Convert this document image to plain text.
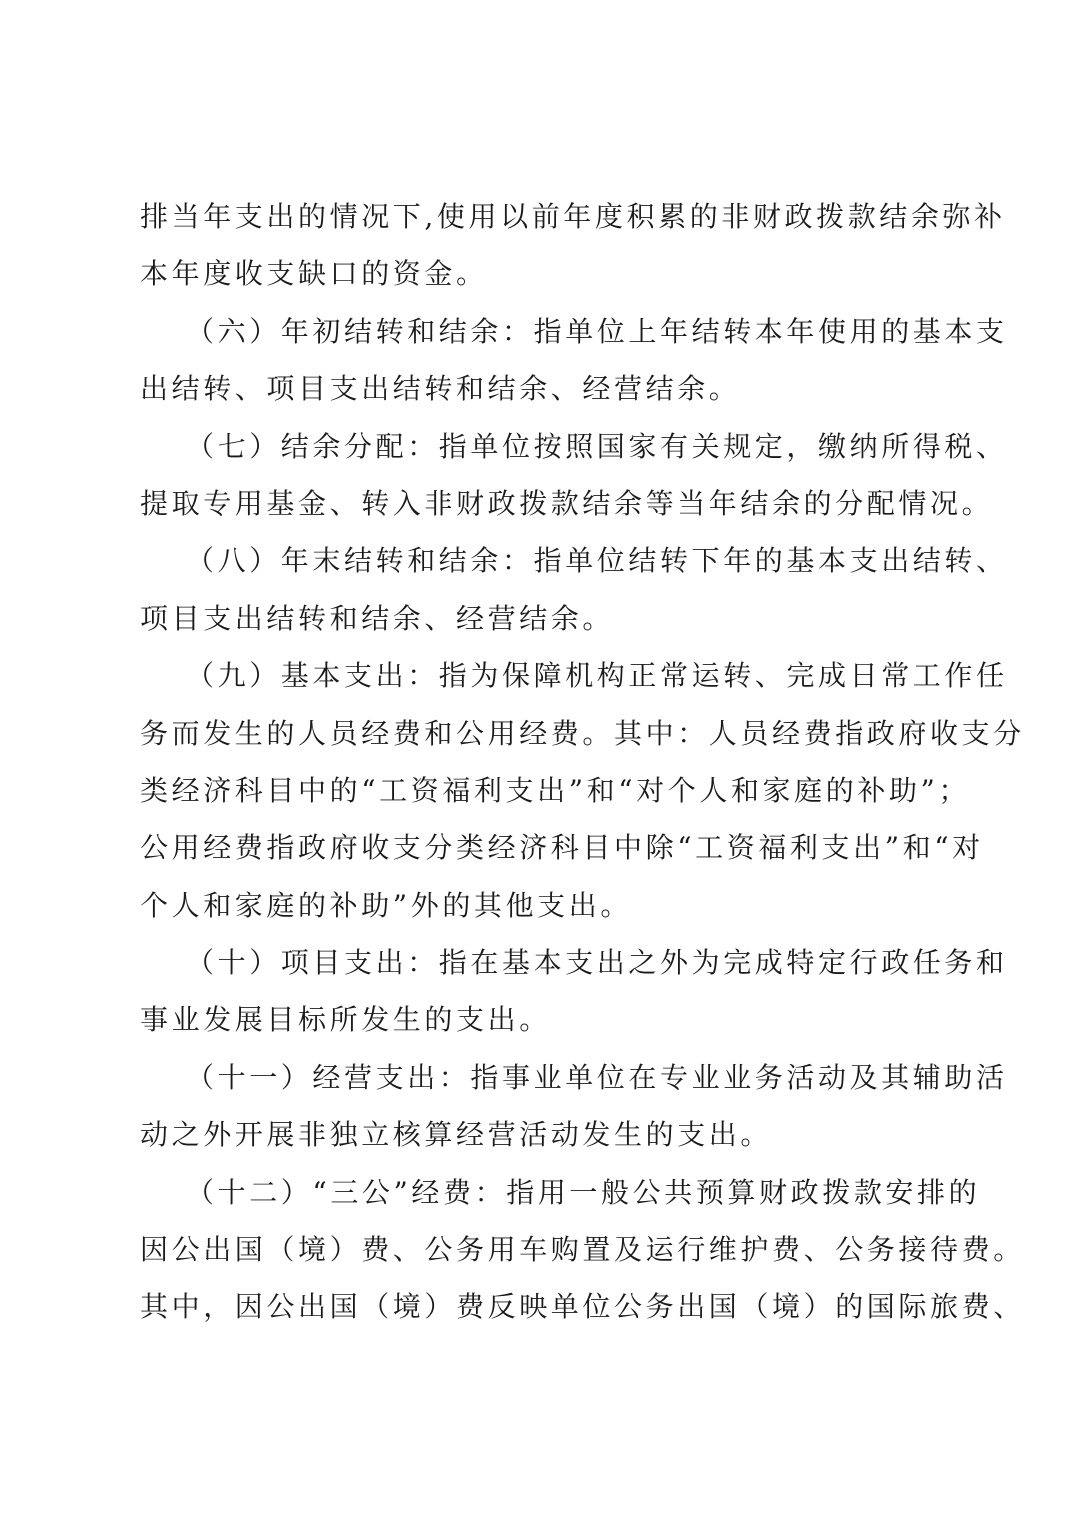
排当年支出的情况下,使用以前年度积累的非财政拨款结余弥补
本年度收支缺口的资金。
（六）年初结转和结余：指单位上年结转本年使用的基本支
出结转、项目支出结转和结余、经营结余。
（七）结余分配：指单位按照国家有关规定，缴纳所得税、
提取专用基金、转入非财政拨款结余等当年结余的分配情况。
（八）年末结转和结余：指单位结转下年的基本支出结转、
项目支出结转和结余、经营结余。
（九）基本支出：指为保障机构正常运转、完成日常工作任
务而发生的人员经费和公用经费。其中：人员经费指政府收支分
类经济科目中的“工资福利支出”和“对个人和家庭的补助”；
公用经费指政府收支分类经济科目中除“工资福利支出”和“对
个人和家庭的补助”外的其他支出。
（十）项目支出：指在基本支出之外为完成特定行政任务和
事业发展目标所发生的支出。
（十一）经营支出：指事业单位在专业业务活动及其辅助活
动之外开展非独立核算经营活动发生的支出。
（十二）“三公”经费：指用一般公共预算财政拨款安排的
因公出国（境）费、公务用车购置及运行维护费、公务接待费。
其中，因公出国（境）费反映单位公务出国（境）的国际旅费、
